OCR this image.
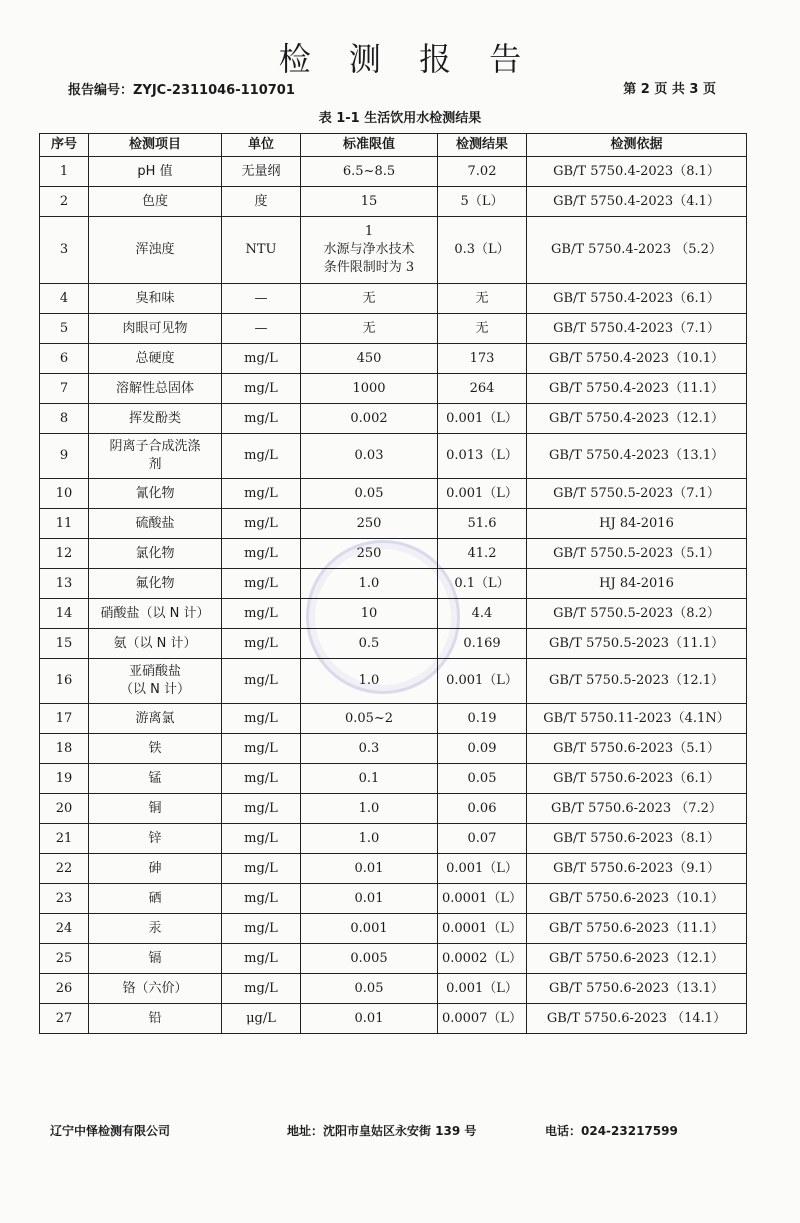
检 测 报 告
报告编号：ZYJC-2311046-110701	第 2 页 共 3 页
表 1-1 生活饮用水检测结果
序号	检测项目	单位	标准限值	检测结果	检测依据
1	pH 值	无量纲	6.5~8.5	7.02	GB/T 5750.4-2023（8.1）
2	色度	度	15	5（L）	GB/T 5750.4-2023（4.1）
3	浑浊度	NTU	1
水源与净水技术
条件限制时为 3	0.3（L）	GB/T 5750.4-2023 （5.2）
4	臭和味	—	无	无	GB/T 5750.4-2023（6.1）
5	肉眼可见物	—	无	无	GB/T 5750.4-2023（7.1）
6	总硬度	mg/L	450	173	GB/T 5750.4-2023（10.1）
7	溶解性总固体	mg/L	1000	264	GB/T 5750.4-2023（11.1）
8	挥发酚类	mg/L	0.002	0.001（L）	GB/T 5750.4-2023（12.1）
9	阴离子合成洗涤
剂	mg/L	0.03	0.013（L）	GB/T 5750.4-2023（13.1）
10	氰化物	mg/L	0.05	0.001（L）	GB/T 5750.5-2023（7.1）
11	硫酸盐	mg/L	250	51.6	HJ 84-2016
12	氯化物	mg/L	250	41.2	GB/T 5750.5-2023（5.1）
13	氟化物	mg/L	1.0	0.1（L）	HJ 84-2016
14	硝酸盐（以 N 计）	mg/L	10	4.4	GB/T 5750.5-2023（8.2）
15	氨（以 N 计）	mg/L	0.5	0.169	GB/T 5750.5-2023（11.1）
16	亚硝酸盐
（以 N 计）	mg/L	1.0	0.001（L）	GB/T 5750.5-2023（12.1）
17	游离氯	mg/L	0.05~2	0.19	GB/T 5750.11-2023（4.1N）
18	铁	mg/L	0.3	0.09	GB/T 5750.6-2023（5.1）
19	锰	mg/L	0.1	0.05	GB/T 5750.6-2023（6.1）
20	铜	mg/L	1.0	0.06	GB/T 5750.6-2023 （7.2）
21	锌	mg/L	1.0	0.07	GB/T 5750.6-2023（8.1）
22	砷	mg/L	0.01	0.001（L）	GB/T 5750.6-2023（9.1）
23	硒	mg/L	0.01	0.0001（L）	GB/T 5750.6-2023（10.1）
24	汞	mg/L	0.001	0.0001（L）	GB/T 5750.6-2023（11.1）
25	镉	mg/L	0.005	0.0002（L）	GB/T 5750.6-2023（12.1）
26	铬（六价）	mg/L	0.05	0.001（L）	GB/T 5750.6-2023（13.1）
27	铅	μg/L	0.01	0.0007（L）	GB/T 5750.6-2023 （14.1）
辽宁中怿检测有限公司	地址：沈阳市皇姑区永安街 139 号	电话：024-23217599
